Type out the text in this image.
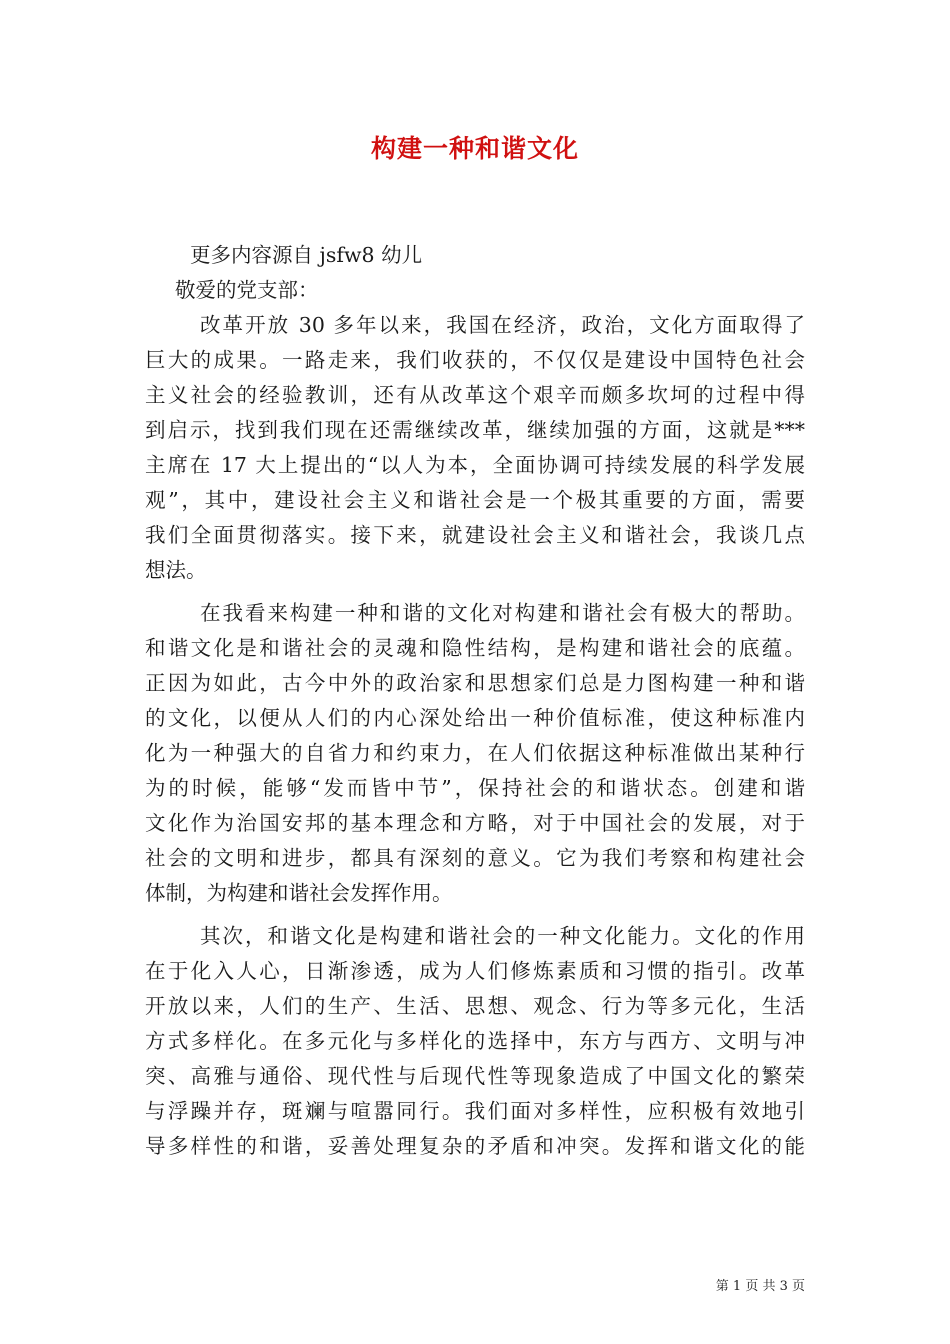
构建一种和谐文化
更多内容源自 jsfw8 幼儿
敬爱的党支部：
改革开放 30 多年以来，我国在经济，政治，文化方面取得了
巨大的成果。一路走来，我们收获的，不仅仅是建设中国特色社会
主义社会的经验教训，还有从改革这个艰辛而颇多坎坷的过程中得
到启示，找到我们现在还需继续改革，继续加强的方面，这就是***
主席在 17 大上提出的“以人为本，全面协调可持续发展的科学发展
观”，其中，建设社会主义和谐社会是一个极其重要的方面，需要
我们全面贯彻落实。接下来，就建设社会主义和谐社会，我谈几点
想法。
在我看来构建一种和谐的文化对构建和谐社会有极大的帮助。
和谐文化是和谐社会的灵魂和隐性结构，是构建和谐社会的底蕴。
正因为如此，古今中外的政治家和思想家们总是力图构建一种和谐
的文化，以便从人们的内心深处给出一种价值标准，使这种标准内
化为一种强大的自省力和约束力，在人们依据这种标准做出某种行
为的时候，能够“发而皆中节”，保持社会的和谐状态。创建和谐
文化作为治国安邦的基本理念和方略，对于中国社会的发展，对于
社会的文明和进步，都具有深刻的意义。它为我们考察和构建社会
体制，为构建和谐社会发挥作用。
其次，和谐文化是构建和谐社会的一种文化能力。文化的作用
在于化入人心，日渐渗透，成为人们修炼素质和习惯的指引。改革
开放以来，人们的生产、生活、思想、观念、行为等多元化，生活
方式多样化。在多元化与多样化的选择中，东方与西方、文明与冲
突、高雅与通俗、现代性与后现代性等现象造成了中国文化的繁荣
与浮躁并存，斑斓与喧嚣同行。我们面对多样性，应积极有效地引
导多样性的和谐，妥善处理复杂的矛盾和冲突。发挥和谐文化的能
第 1 页 共 3 页
